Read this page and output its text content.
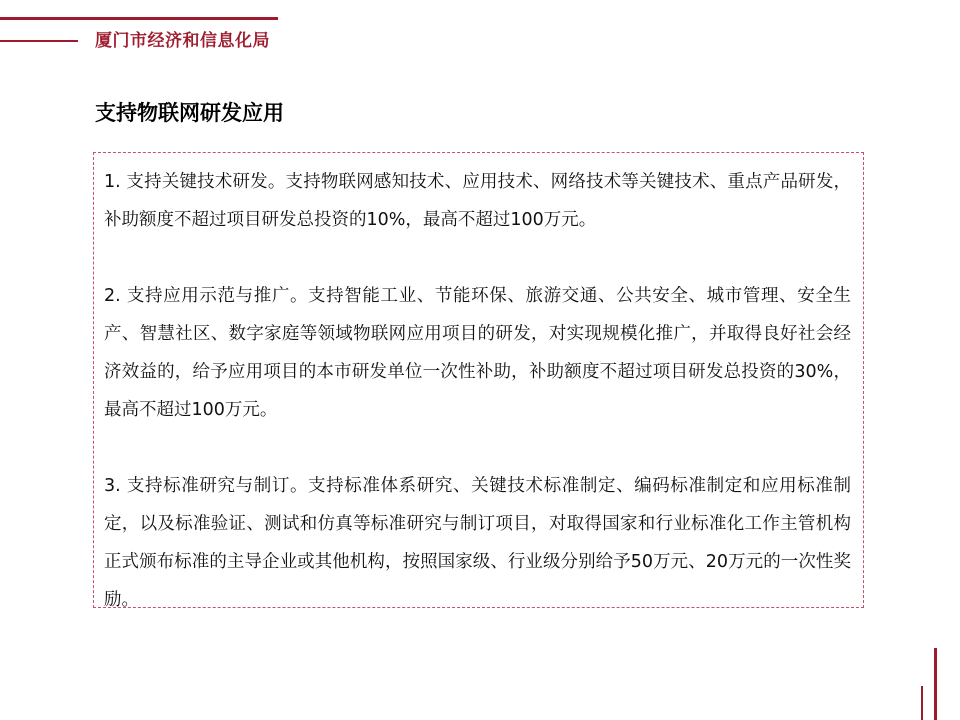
厦门市经济和信息化局
支持物联网研发应用

1. 支持关键技术研发。支持物联网感知技术、应用技术、网络技术等关键技术、重点产品研发，补助额度不超过项目研发总投资的10%，最高不超过100万元。

2. 支持应用示范与推广。支持智能工业、节能环保、旅游交通、公共安全、城市管理、安全生产、智慧社区、数字家庭等领域物联网应用项目的研发，对实现规模化推广，并取得良好社会经济效益的，给予应用项目的本市研发单位一次性补助，补助额度不超过项目研发总投资的30%，最高不超过100万元。

3. 支持标准研究与制订。支持标准体系研究、关键技术标准制定、编码标准制定和应用标准制定，以及标准验证、测试和仿真等标准研究与制订项目，对取得国家和行业标准化工作主管机构正式颁布标准的主导企业或其他机构，按照国家级、行业级分别给予50万元、20万元的一次性奖励。
